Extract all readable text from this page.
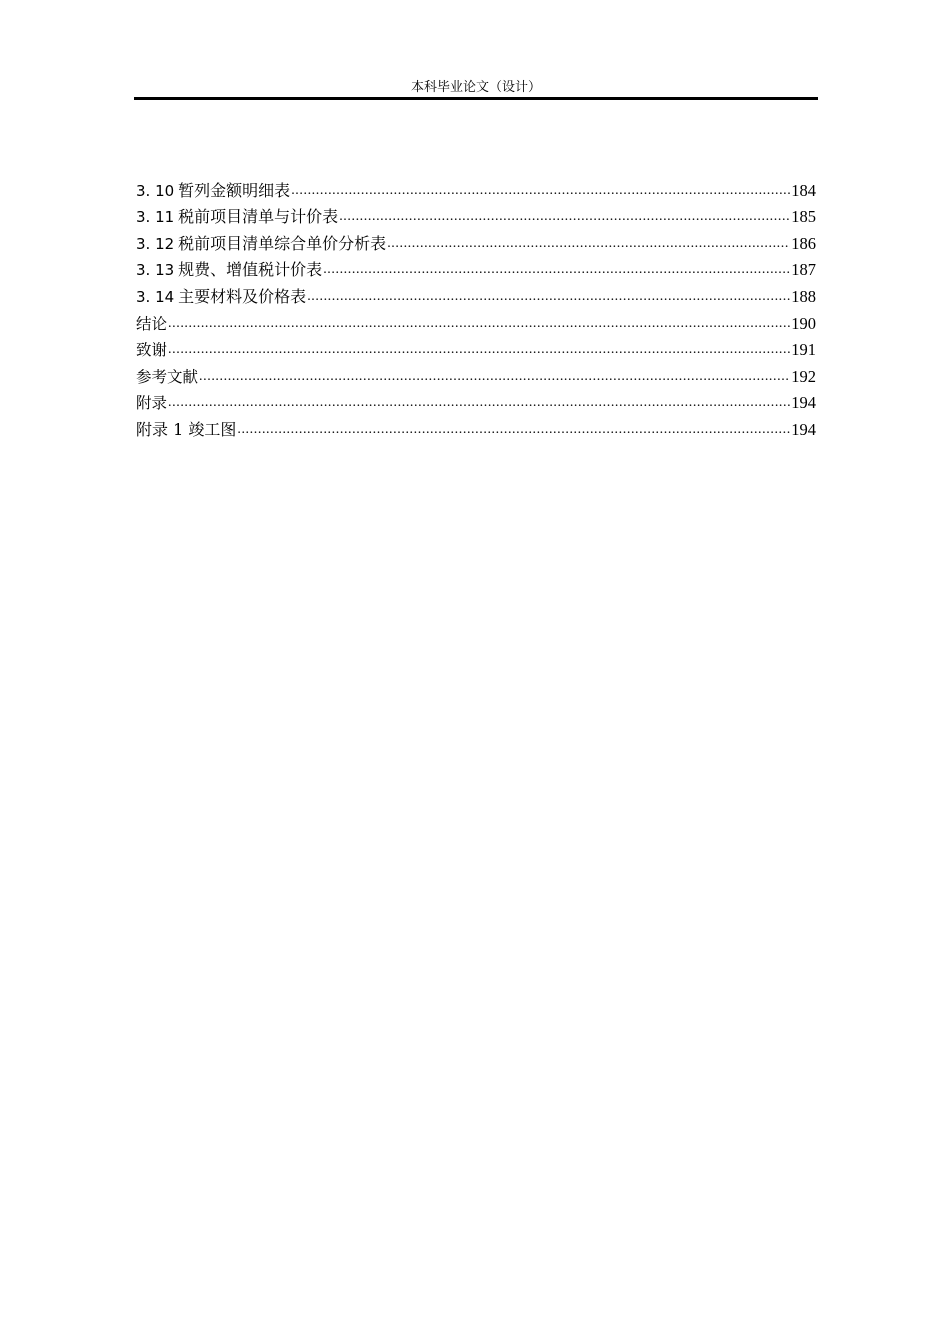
本科毕业论文（设计）
3. 10 暂列金额明细表 .....	184
3. 11 税前项目清单与计价表 .....	185
3. 12 税前项目清单综合单价分析表 .....	186
3. 13 规费、增值税计价表 .....	187
3. 14 主要材料及价格表 .....	188
结论 .....	190
致谢 .....	191
参考文献 .....	192
附录 .....	194
附录 1 竣工图 .....	194
